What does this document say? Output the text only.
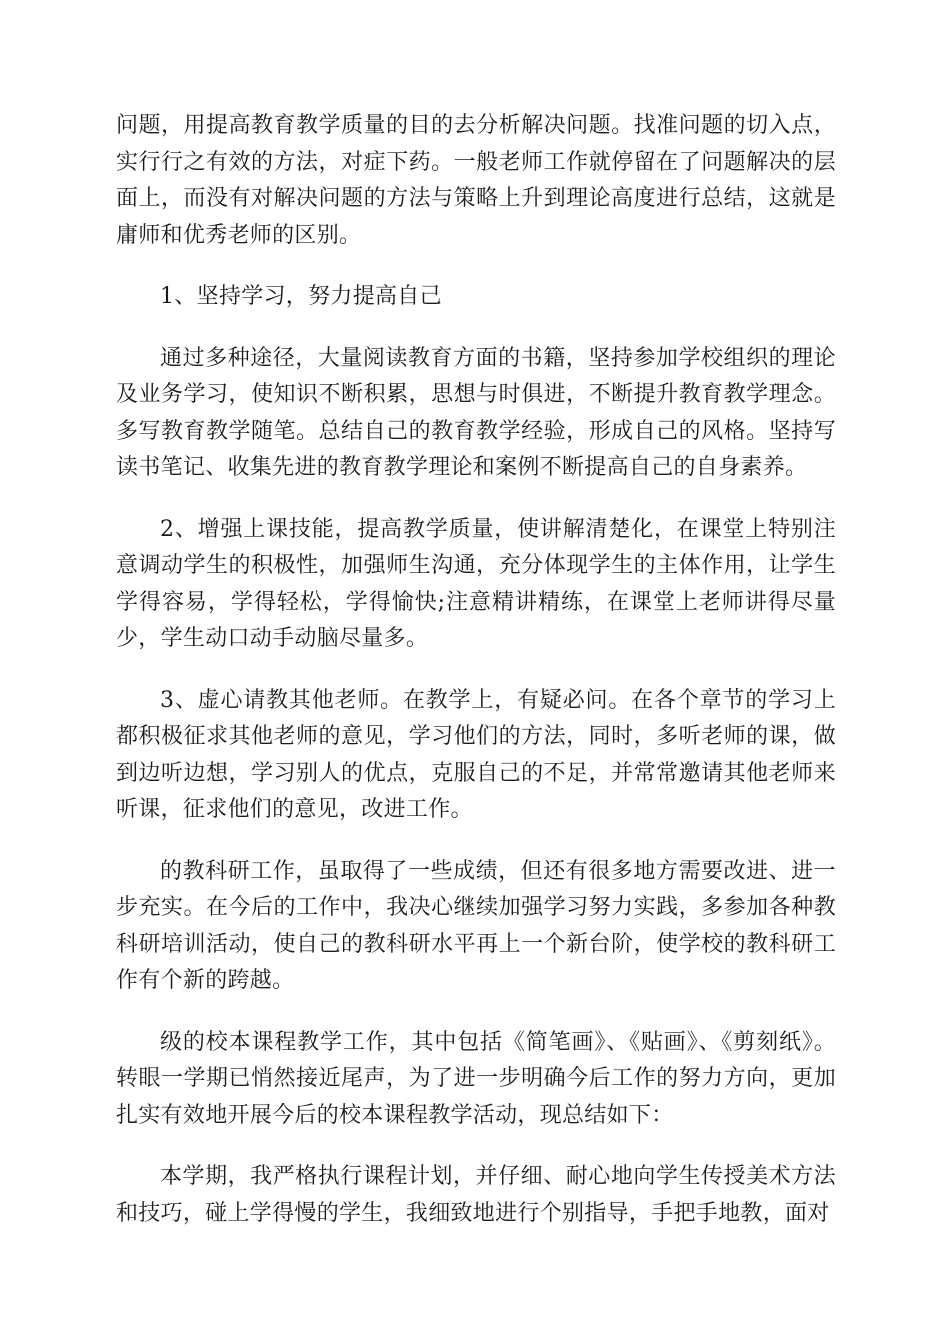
问题，用提高教育教学质量的目的去分析解决问题。找准问题的切入点，实行行之有效的方法，对症下药。一般老师工作就停留在了问题解决的层面上，而没有对解决问题的方法与策略上升到理论高度进行总结，这就是庸师和优秀老师的区别。

1、坚持学习，努力提高自己

通过多种途径，大量阅读教育方面的书籍，坚持参加学校组织的理论及业务学习，使知识不断积累，思想与时俱进，不断提升教育教学理念。多写教育教学随笔。总结自己的教育教学经验，形成自己的风格。坚持写读书笔记、收集先进的教育教学理论和案例不断提高自己的自身素养。

2、增强上课技能，提高教学质量，使讲解清楚化，在课堂上特别注意调动学生的积极性，加强师生沟通，充分体现学生的主体作用，让学生学得容易，学得轻松，学得愉快;注意精讲精练，在课堂上老师讲得尽量少，学生动口动手动脑尽量多。

3、虚心请教其他老师。在教学上，有疑必问。在各个章节的学习上都积极征求其他老师的意见，学习他们的方法，同时，多听老师的课，做到边听边想，学习别人的优点，克服自己的不足，并常常邀请其他老师来听课，征求他们的意见，改进工作。

的教科研工作，虽取得了一些成绩，但还有很多地方需要改进、进一步充实。在今后的工作中，我决心继续加强学习努力实践，多参加各种教科研培训活动，使自己的教科研水平再上一个新台阶，使学校的教科研工作有个新的跨越。

级的校本课程教学工作，其中包括《简笔画》、《贴画》、《剪刻纸》。转眼一学期已悄然接近尾声，为了进一步明确今后工作的努力方向，更加扎实有效地开展今后的校本课程教学活动，现总结如下：

本学期，我严格执行课程计划，并仔细、耐心地向学生传授美术方法和技巧，碰上学得慢的学生，我细致地进行个别指导，手把手地教，面对
